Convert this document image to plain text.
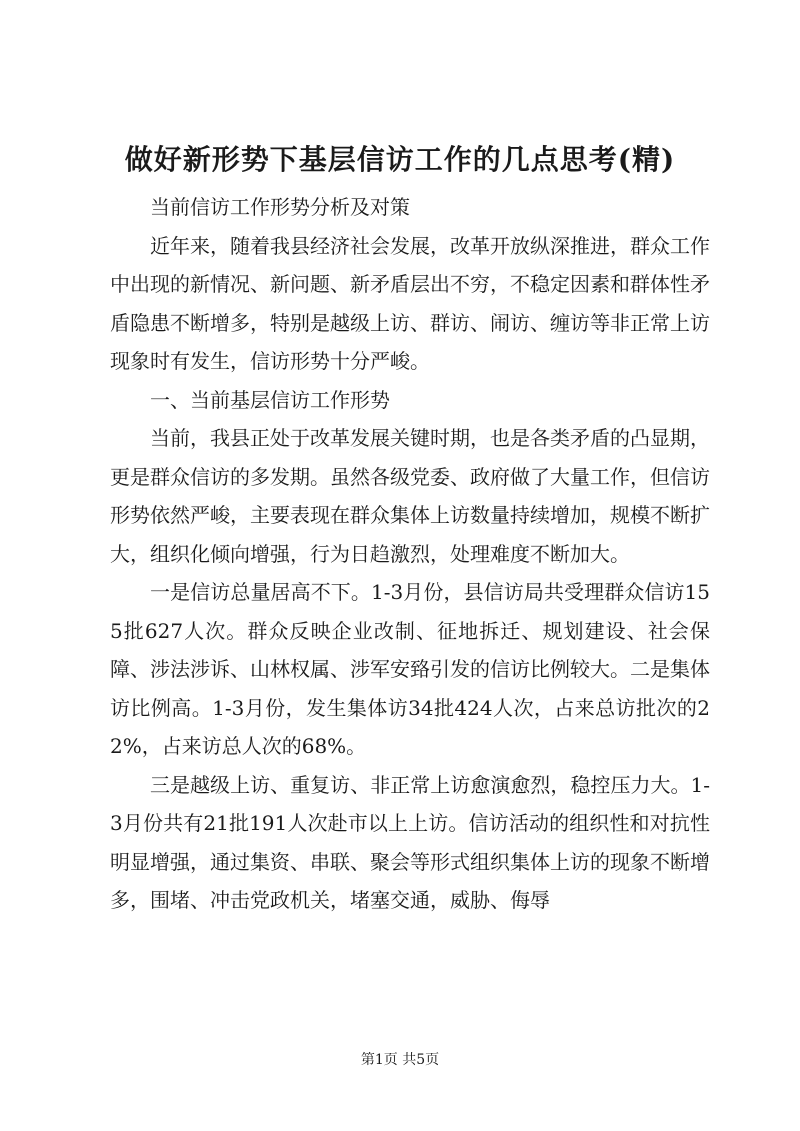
做好新形势下基层信访工作的几点思考(精)

当前信访工作形势分析及对策

近年来，随着我县经济社会发展，改革开放纵深推进，群众工作中出现的新情况、新问题、新矛盾层出不穷，不稳定因素和群体性矛盾隐患不断增多，特别是越级上访、群访、闹访、缠访等非正常上访现象时有发生，信访形势十分严峻。

一、当前基层信访工作形势

当前，我县正处于改革发展关键时期，也是各类矛盾的凸显期，更是群众信访的多发期。虽然各级党委、政府做了大量工作，但信访形势依然严峻，主要表现在群众集体上访数量持续增加，规模不断扩大，组织化倾向增强，行为日趋激烈，处理难度不断加大。

一是信访总量居高不下。1-3月份，县信访局共受理群众信访155批627人次。群众反映企业改制、征地拆迁、规划建设、社会保障、涉法涉诉、山林权属、涉军安臵引发的信访比例较大。二是集体访比例高。1-3月份，发生集体访34批424人次，占来总访批次的22%，占来访总人次的68%。

三是越级上访、重复访、非正常上访愈演愈烈，稳控压力大。1-3月份共有21批191人次赴市以上上访。信访活动的组织性和对抗性明显增强，通过集资、串联、聚会等形式组织集体上访的现象不断增多，围堵、冲击党政机关，堵塞交通，威胁、侮辱

第1页 共5页
